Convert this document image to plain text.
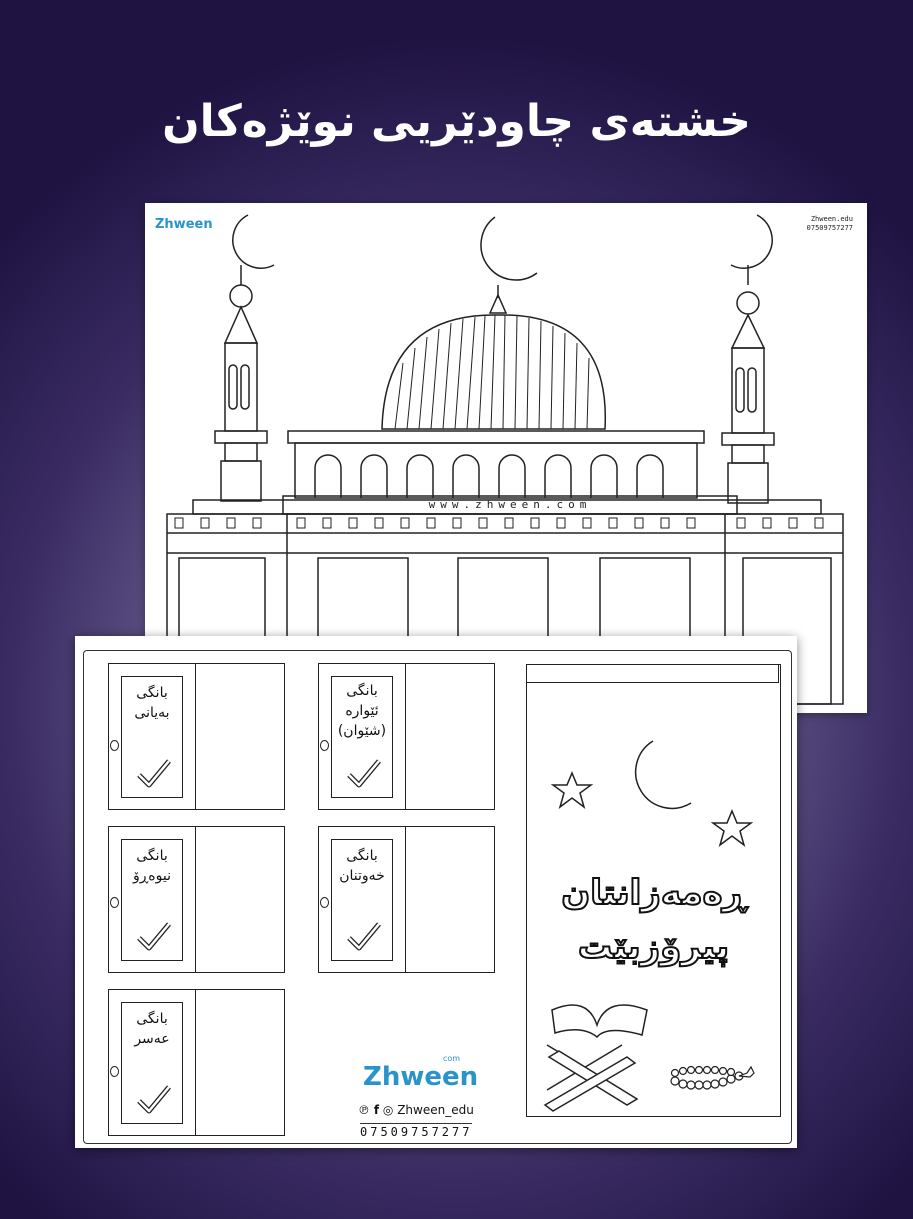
خشتەی چاودێریی نوێژەکان
Zhween	Zhween.edu
07509757277
www.zhween.com
بانگی
بەیانی
بانگی
ئێوارە
(شێوان)
بانگی
نیوەڕۆ
بانگی
خەوتنان
بانگی
عەسر
Zhween
com
℗ f ◎ Zhween_edu
07509757277
ڕەمەزانتان
پیرۆزبێت
